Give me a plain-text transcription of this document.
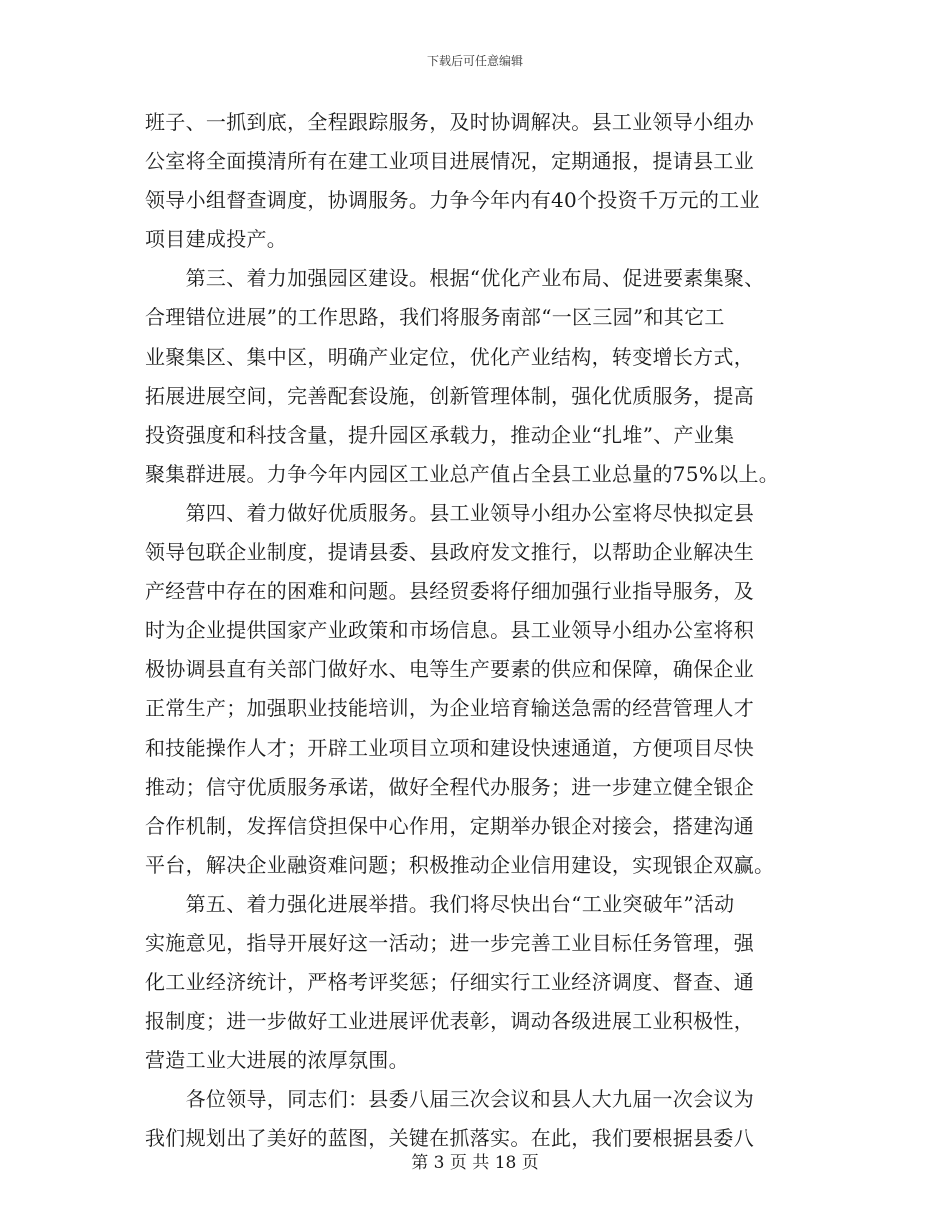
下载后可任意编辑
班子、一抓到底，全程跟踪服务，及时协调解决。县工业领导小组办
公室将全面摸清所有在建工业项目进展情况，定期通报，提请县工业
领导小组督查调度，协调服务。力争今年内有40个投资千万元的工业
项目建成投产。
　　第三、着力加强园区建设。根据“优化产业布局、促进要素集聚、
合理错位进展”的工作思路，我们将服务南部“一区三园”和其它工
业聚集区、集中区，明确产业定位，优化产业结构，转变增长方式，
拓展进展空间，完善配套设施，创新管理体制，强化优质服务，提高
投资强度和科技含量，提升园区承载力，推动企业“扎堆”、产业集
聚集群进展。力争今年内园区工业总产值占全县工业总量的75%以上。
　　第四、着力做好优质服务。县工业领导小组办公室将尽快拟定县
领导包联企业制度，提请县委、县政府发文推行，以帮助企业解决生
产经营中存在的困难和问题。县经贸委将仔细加强行业指导服务，及
时为企业提供国家产业政策和市场信息。县工业领导小组办公室将积
极协调县直有关部门做好水、电等生产要素的供应和保障，确保企业
正常生产；加强职业技能培训，为企业培育输送急需的经营管理人才
和技能操作人才；开辟工业项目立项和建设快速通道，方便项目尽快
推动；信守优质服务承诺，做好全程代办服务；进一步建立健全银企
合作机制，发挥信贷担保中心作用，定期举办银企对接会，搭建沟通
平台，解决企业融资难问题；积极推动企业信用建设，实现银企双赢。
　　第五、着力强化进展举措。我们将尽快出台“工业突破年”活动
实施意见，指导开展好这一活动；进一步完善工业目标任务管理，强
化工业经济统计，严格考评奖惩；仔细实行工业经济调度、督查、通
报制度；进一步做好工业进展评优表彰，调动各级进展工业积极性，
营造工业大进展的浓厚氛围。
　　各位领导，同志们：县委八届三次会议和县人大九届一次会议为
我们规划出了美好的蓝图，关键在抓落实。在此，我们要根据县委八
第 3 页 共 18 页
